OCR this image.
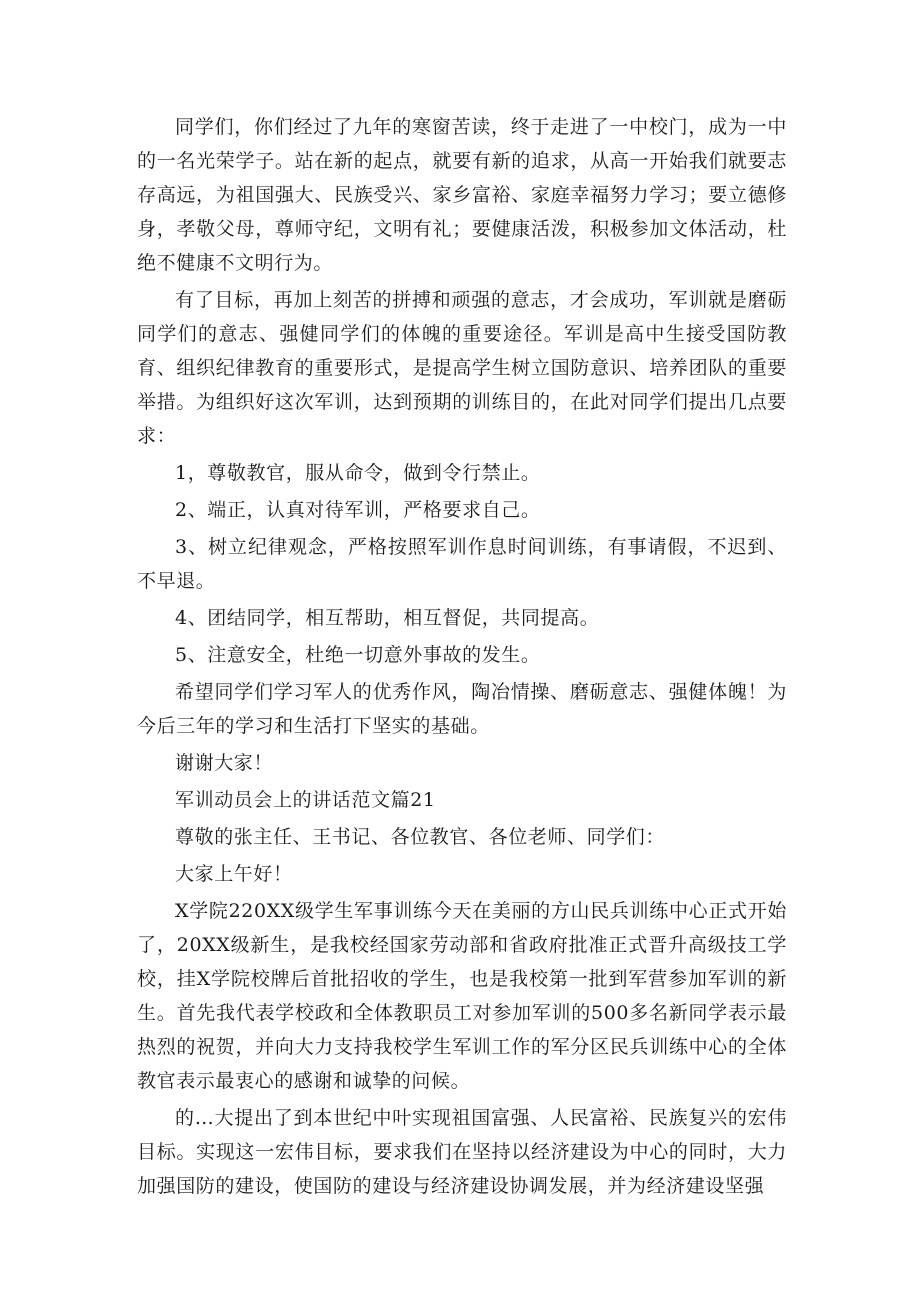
同学们，你们经过了九年的寒窗苦读，终于走进了一中校门，成为一中的一名光荣学子。站在新的起点，就要有新的追求，从高一开始我们就要志存高远，为祖国强大、民族受兴、家乡富裕、家庭幸福努力学习；要立德修身，孝敬父母，尊师守纪，文明有礼；要健康活泼，积极参加文体活动，杜绝不健康不文明行为。

有了目标，再加上刻苦的拼搏和顽强的意志，才会成功，军训就是磨砺同学们的意志、强健同学们的体魄的重要途径。军训是高中生接受国防教育、组织纪律教育的重要形式，是提高学生树立国防意识、培养团队的重要举措。为组织好这次军训，达到预期的训练目的，在此对同学们提出几点要求：

1，尊敬教官，服从命令，做到令行禁止。

2、端正，认真对待军训，严格要求自己。

3、树立纪律观念，严格按照军训作息时间训练，有事请假，不迟到、不早退。

4、团结同学，相互帮助，相互督促，共同提高。

5、注意安全，杜绝一切意外事故的发生。

希望同学们学习军人的优秀作风，陶冶情操、磨砺意志、强健体魄！为今后三年的学习和生活打下坚实的基础。

谢谢大家！

军训动员会上的讲话范文篇21

尊敬的张主任、王书记、各位教官、各位老师、同学们：

大家上午好！

X学院220XX级学生军事训练今天在美丽的方山民兵训练中心正式开始了，20XX级新生，是我校经国家劳动部和省政府批准正式晋升高级技工学校，挂X学院校牌后首批招收的学生，也是我校第一批到军营参加军训的新生。首先我代表学校政和全体教职员工对参加军训的500多名新同学表示最热烈的祝贺，并向大力支持我校学生军训工作的军分区民兵训练中心的全体教官表示最衷心的感谢和诚挚的问候。

的…大提出了到本世纪中叶实现祖国富强、人民富裕、民族复兴的宏伟目标。实现这一宏伟目标，要求我们在坚持以经济建设为中心的同时，大力加强国防的建设，使国防的建设与经济建设协调发展，并为经济建设坚强
